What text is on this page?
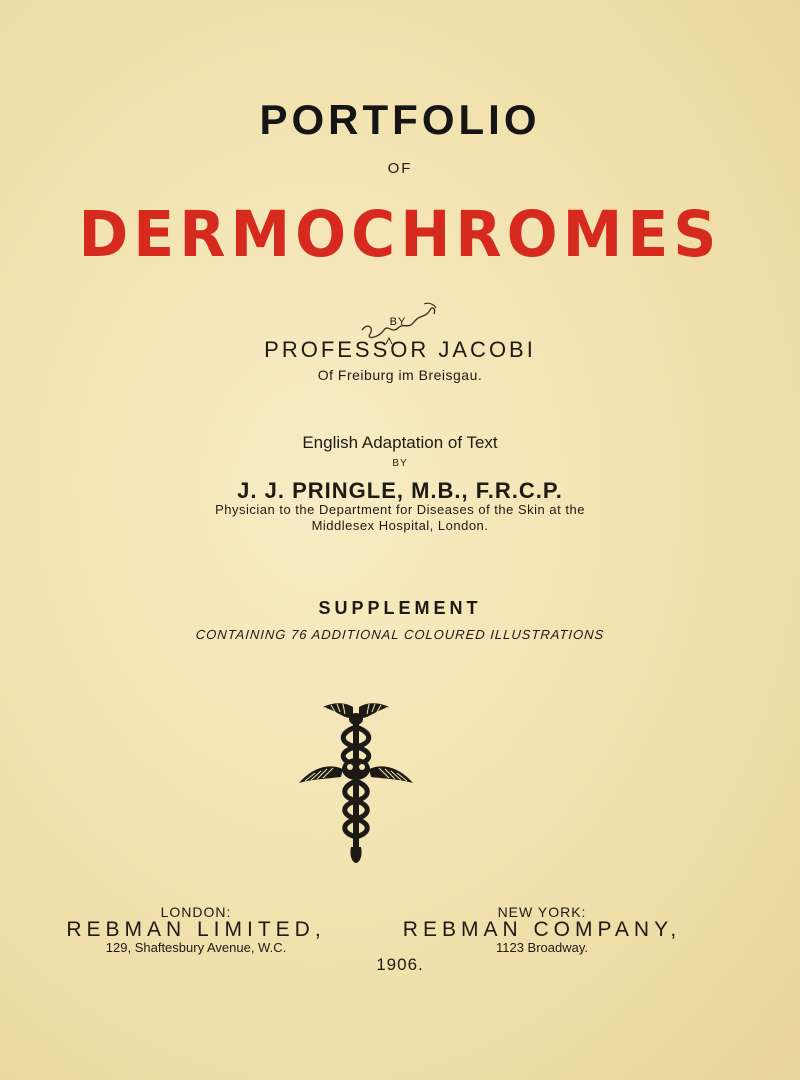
PORTFOLIO
OF
DERMOCHROMES
BY
PROFESSOR JACOBI
Of Freiburg im Breisgau.
English Adaptation of Text
BY
J. J. PRINGLE, M.B., F.R.C.P.
Physician to the Department for Diseases of the Skin at the
Middlesex Hospital, London.
SUPPLEMENT
CONTAINING 76 ADDITIONAL COLOURED ILLUSTRATIONS
LONDON:
REBMAN LIMITED,
129, Shaftesbury Avenue, W.C.
NEW YORK:
REBMAN COMPANY,
1123 Broadway.
1906.
